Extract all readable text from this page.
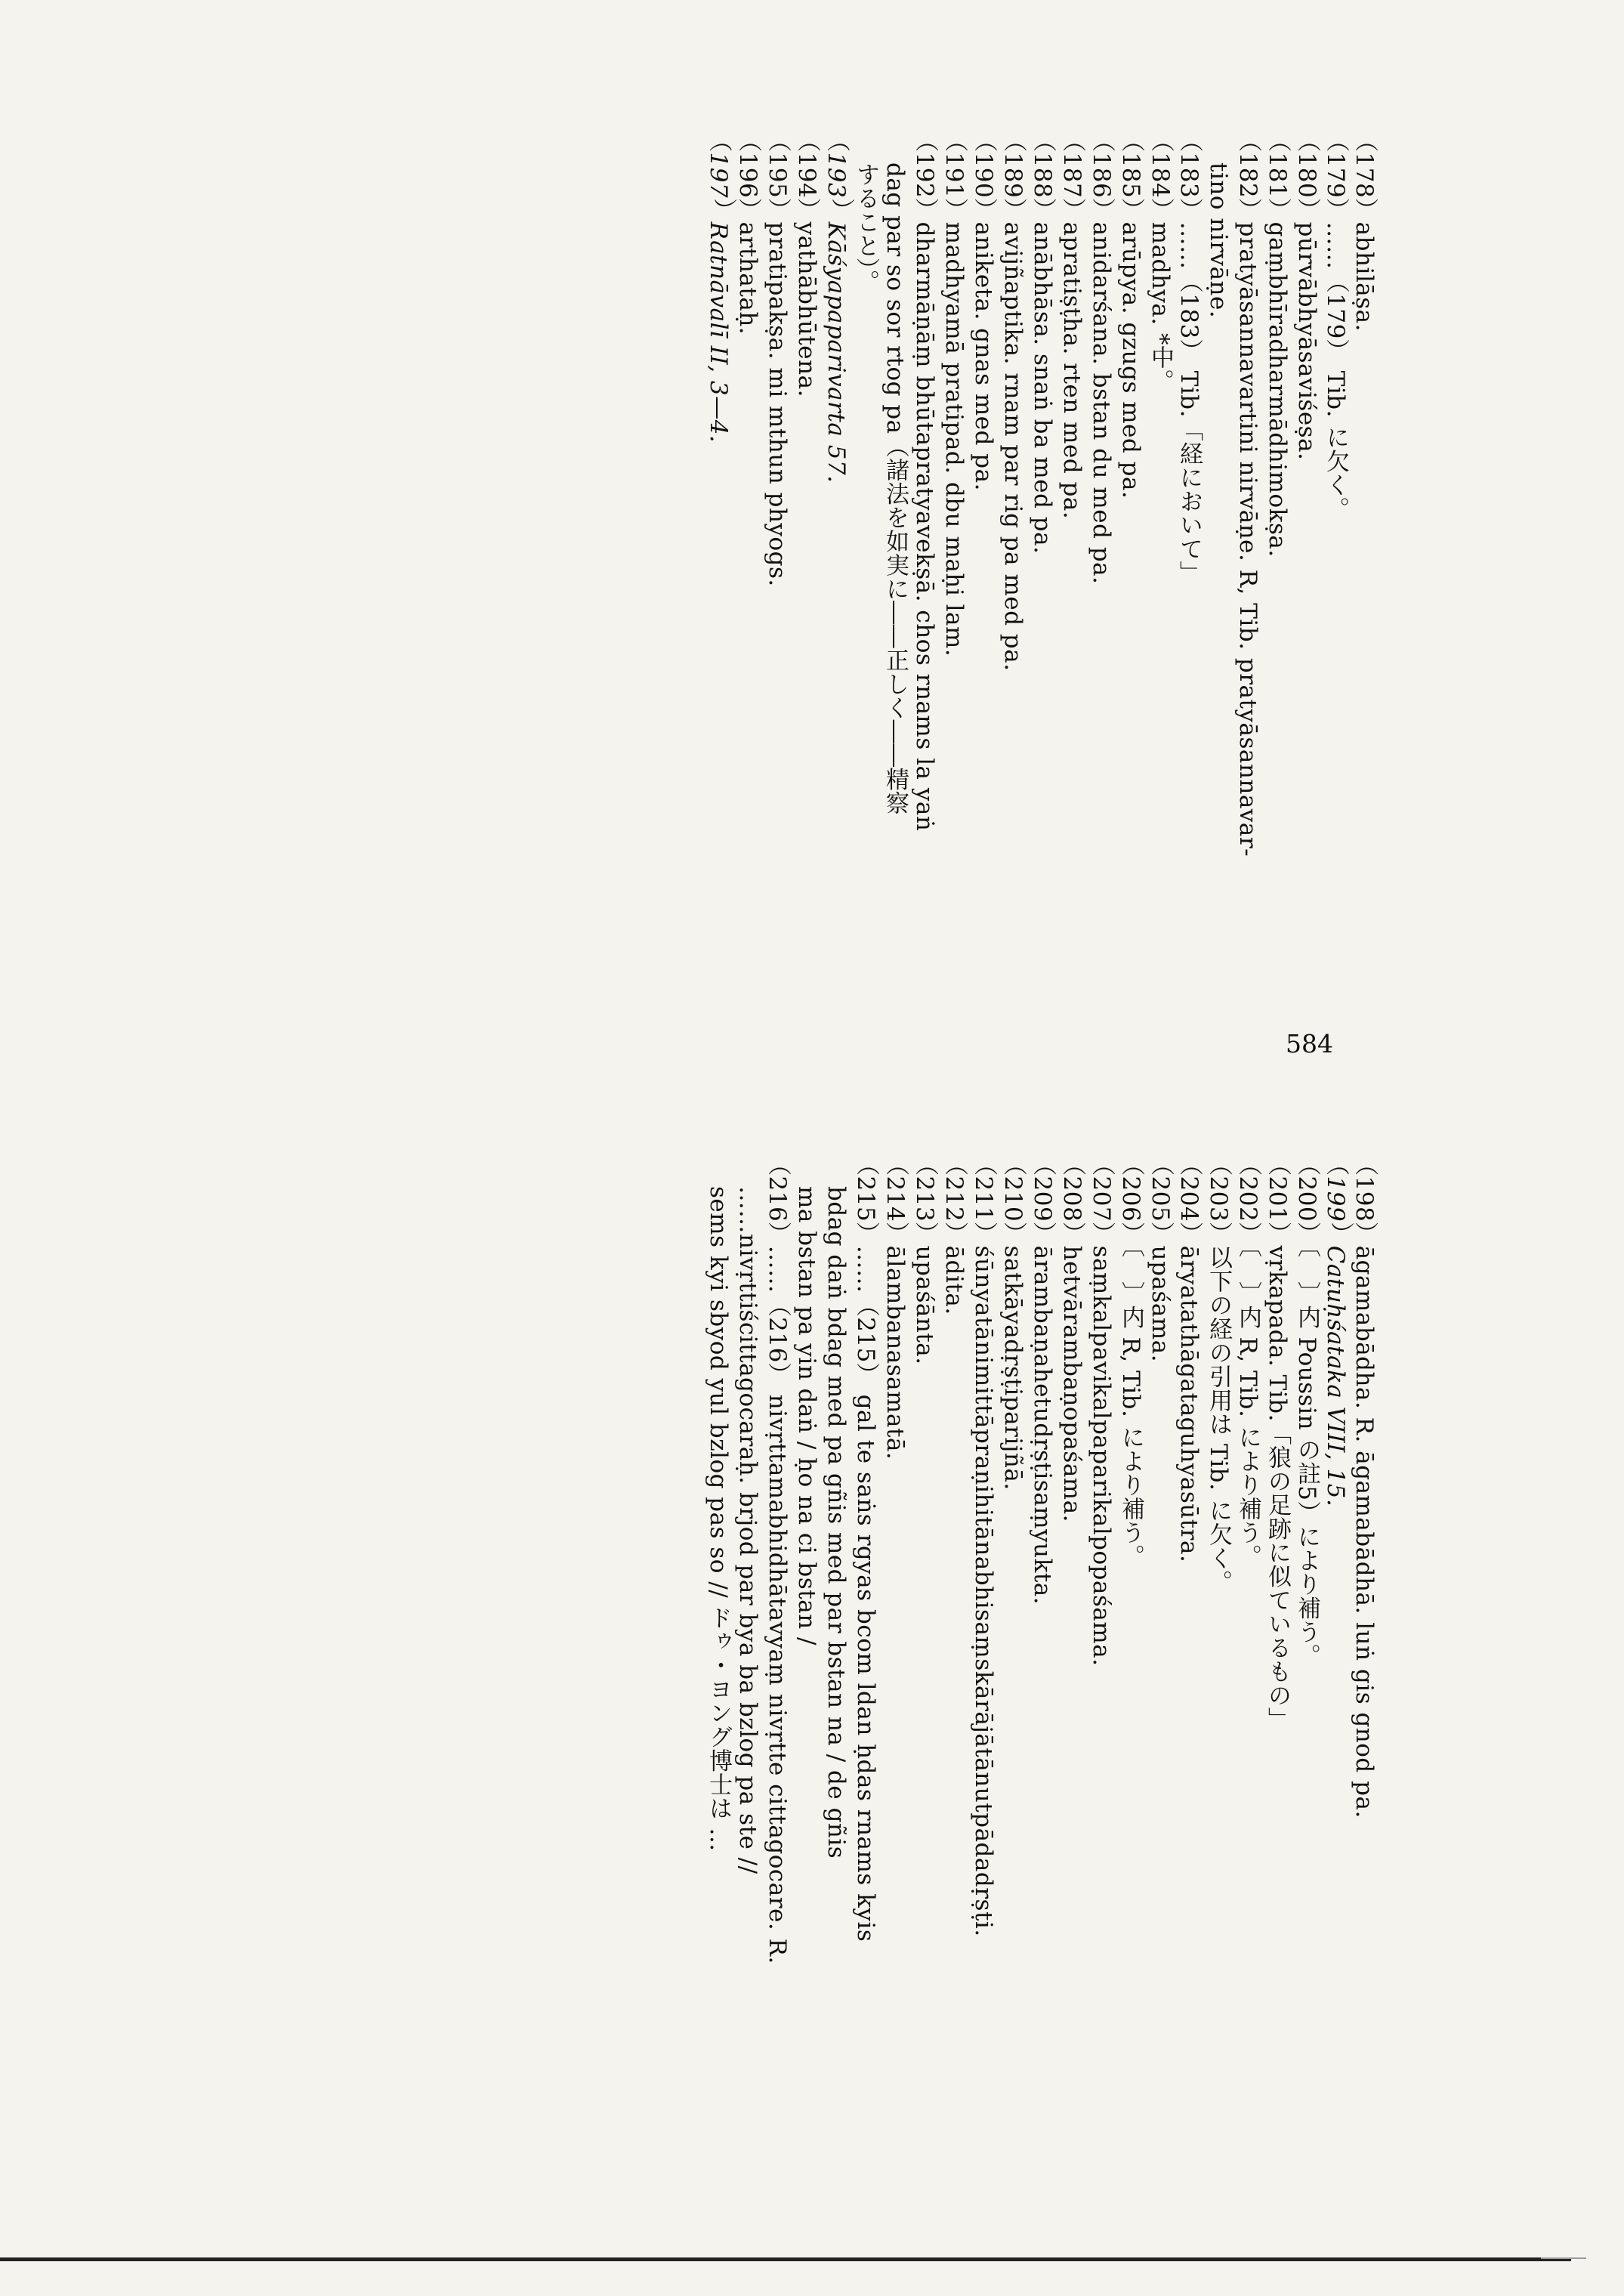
（178）abhilāṣa.
（179）……（179） Tib. に欠く。
（180）pūrvābhyāsaviśeṣa.
（181）gaṃbhīradharmādhimokṣa.
（182）pratyāsannavartini nirvāṇe. R, Tib. pratyāsannavar-
tino nirvāṇe.
（183）……（183） Tib.「経において」
（184）madhya. *中。
（185）arūpya. gzugs med pa.
（186）anidarśana. bstan du med pa.
（187）apratiṣṭha. rten med pa.
（188）anābhāsa. snaṅ ba med pa.
（189）avijñaptika. rnam par rig pa med pa.
（190）aniketa. gnas med pa.
（191）madhyamā pratipad. dbu maḥi lam.
（192）dharmāṇāṃ bhūtapratyavekṣā. chos rnams la yaṅ
dag par so sor rtog pa（諸法を如実に――正しく――精察
すること）。
（193）Kāśyapaparivarta 57.
（194）yathābhūtena.
（195）pratipakṣa. mi mthun phyogs.
（196）arthataḥ.
（197）Ratnāvalī II, 3—4.
（198）āgamabādha. R. āgamabādhā. luṅ gis gnod pa.
（199）Catuḥśataka VIII, 15.
（200）〔　〕内 Poussin の註5）により補う。
（201）vṛkapada. Tib.「狼の足跡に似ているもの」
（202）〔　〕内 R, Tib. により補う。
（203）以下の経の引用は Tib. に欠く。
（204）āryatathāgataguhyasūtra.
（205）upaśama.
（206）〔　〕内 R, Tib. により補う。
（207）saṃkalpavikalpaparikalpopaśama.
（208）hetvārambaṇopaśama.
（209）ārambaṇahetudṛṣṭisaṃyukta.
（210）satkāyadṛṣṭiparijñā.
（211）śūnyatānimittāpraṇihitānabhisaṃskārājātānutpādadṛṣṭi.
（212）ādita.
（213）upaśānta.
（214）ālambanasamatā.
（215）……（215） gal te saṅs rgyas bcom ldan ḥdas rnams kyis
bdag daṅ bdag med pa gñis med par bstan na / de gñis
ma bstan pa yin daṅ / ḥo na ci bstan /
（216）……（216） nivṛttamabhidhātavyaṃ nivṛtte cittagocare. R.
……nivṛttiścittagocaraḥ. brjod par bya ba bzlog pa ste //
sems kyi sbyod yul bzlog pas so // ドゥ・ヨング博士は …
584
